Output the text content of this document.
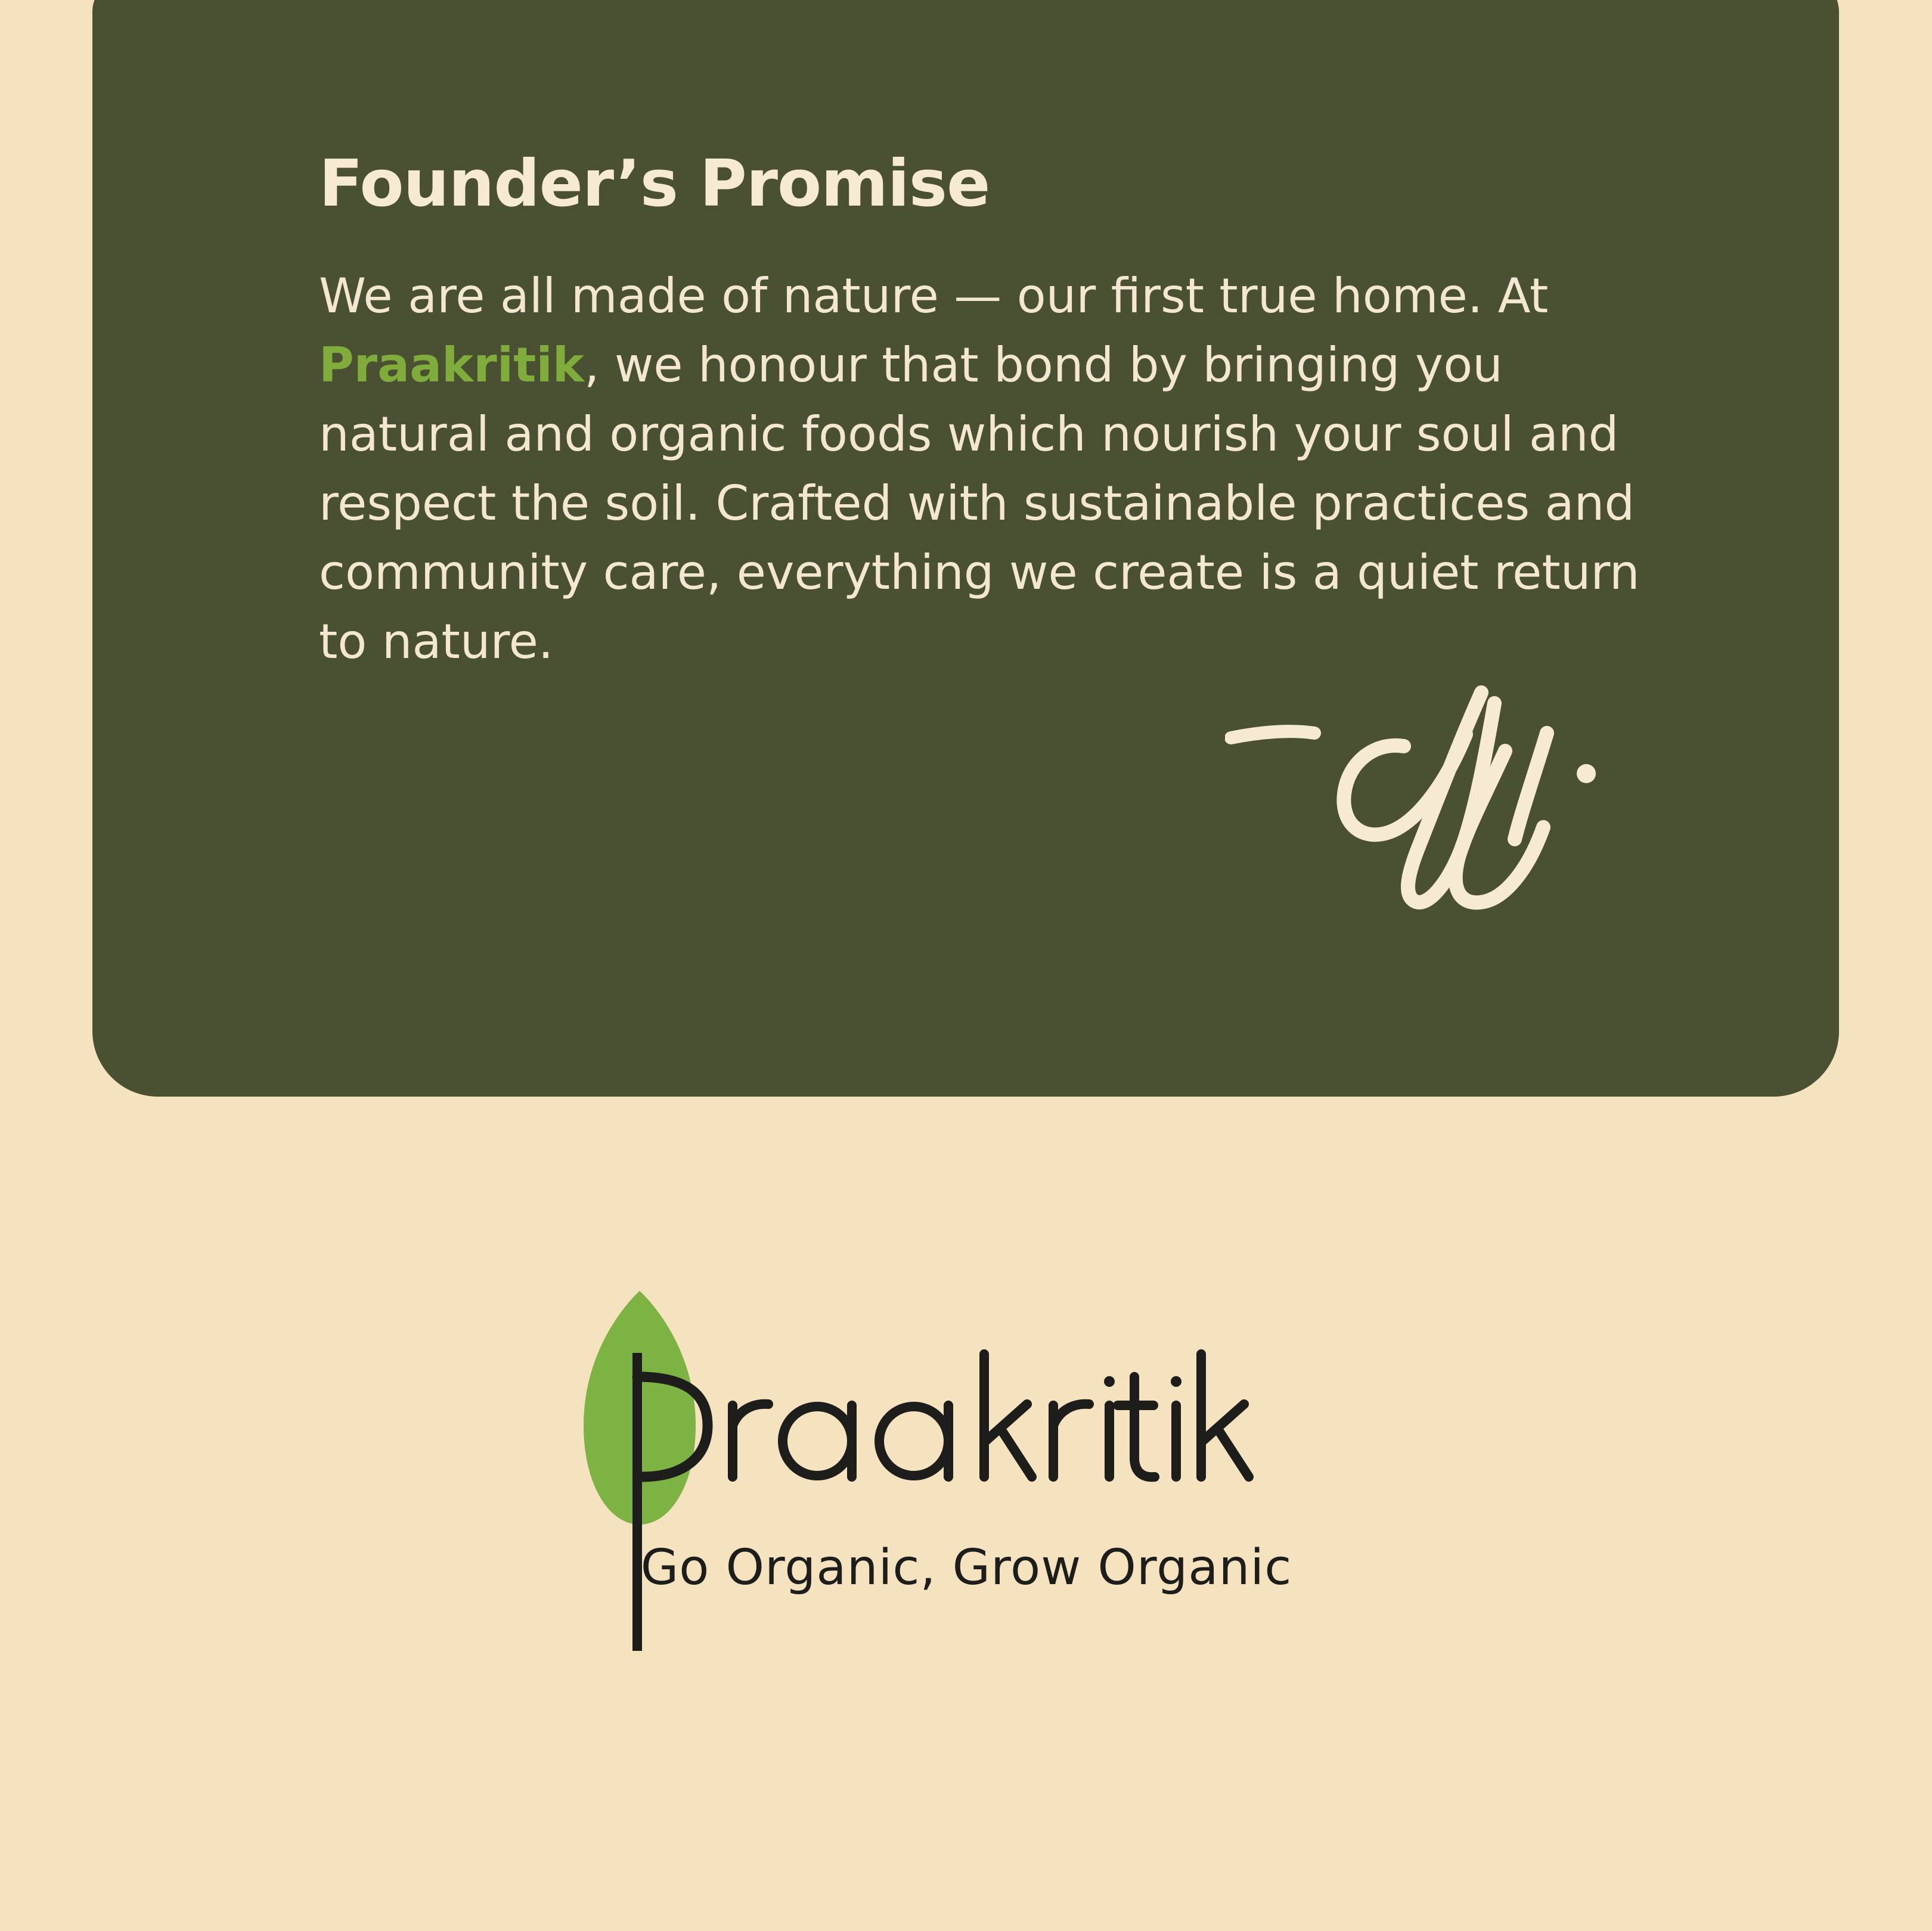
Founder’s Promise

We are all made of nature — our first true home. At Praakritik, we honour that bond by bringing you natural and organic foods which nourish your soul and respect the soil. Crafted with sustainable practices and community care, everything we create is a quiet return to nature.

Go Organic, Grow Organic
